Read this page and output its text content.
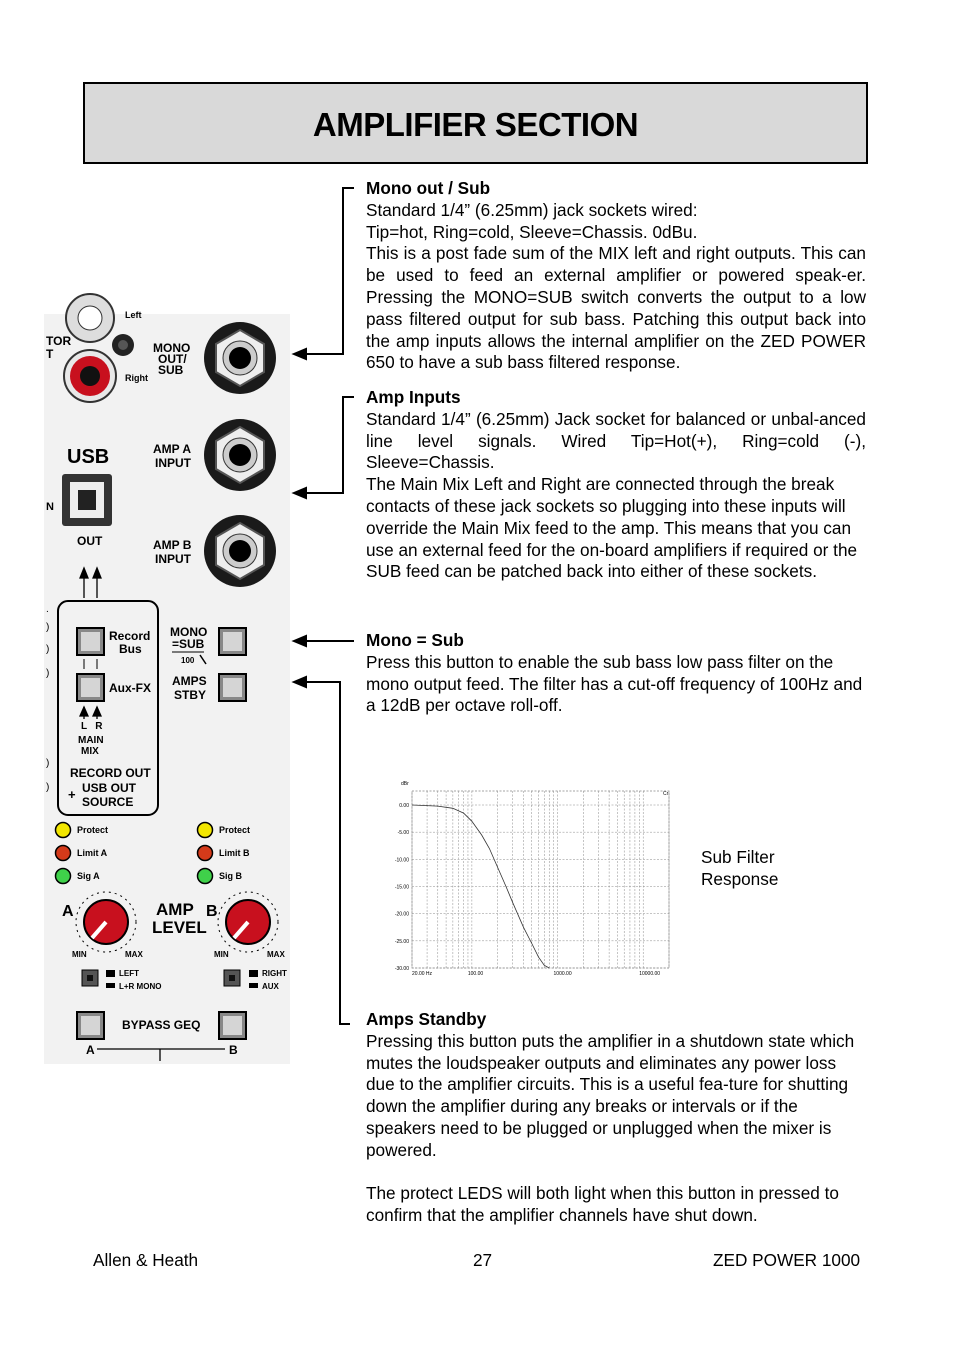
AMPLIFIER SECTION
Left
Right
TOR
T	MONO
OUT/
SUB
USB
N
OUT
AMP A
INPUT
AMP B
INPUT
.
)
)
)
)
)
Record
Bus
Aux-FX
L   R
MAIN
MIX
RECORD OUT
+ USB OUT
SOURCE
MONO
=SUB
100
AMPS
STBY
Protect
Limit A
Sig A
Protect
Limit B
Sig B
A	AMP
LEVEL
B
MIN	MAX	MIN	MAX
LEFT
L+R MONO
RIGHT
AUX
BYPASS GEQ
A	B
0.00
-5.00
-10.00
-15.00
-20.00
-25.00
-30.00
20.00 Hz	100.00	1000.00	10000.00
dBr
Cr
Sub Filter
Response
Mono out / Sub

Standard 1/4” (6.25mm) jack sockets wired:

Tip=hot, Ring=cold, Sleeve=Chassis. 0dBu.

This is a post fade sum of the MIX left and right outputs. This can be used to feed an external amplifier or powered speak-er. Pressing the MONO=SUB switch converts the output to a low pass filtered output for sub bass. Patching this output back into the amp inputs allows the internal amplifier on the ZED POWER 650 to have a sub bass filtered response.

Amp Inputs

Standard 1/4” (6.25mm) Jack socket for balanced or unbal-anced line level signals. Wired Tip=Hot(+), Ring=cold (-), Sleeve=Chassis.

The Main Mix Left and Right are connected through the break contacts of these jack sockets so plugging into these inputs will override the Main Mix feed to the amp. This means that you can use an external feed for the on-board amplifiers if required or the SUB feed can be patched back into either of these sockets.

Mono = Sub

Press this button to enable the sub bass low pass filter on the mono output feed. The filter has a cut-off frequency of 100Hz and a 12dB per octave roll-off.

Amps Standby

Pressing this button puts the amplifier in a shutdown state which mutes the loudspeaker outputs and eliminates any power loss due to the amplifier circuits. This is a useful fea-ture for shutting down the amplifier during any breaks or intervals or if the speakers need to be plugged or unplugged when the mixer is powered.

The protect LEDS will both light when this button in pressed to confirm that the amplifier channels have shut down.

Allen & Heath	27	ZED POWER 1000
